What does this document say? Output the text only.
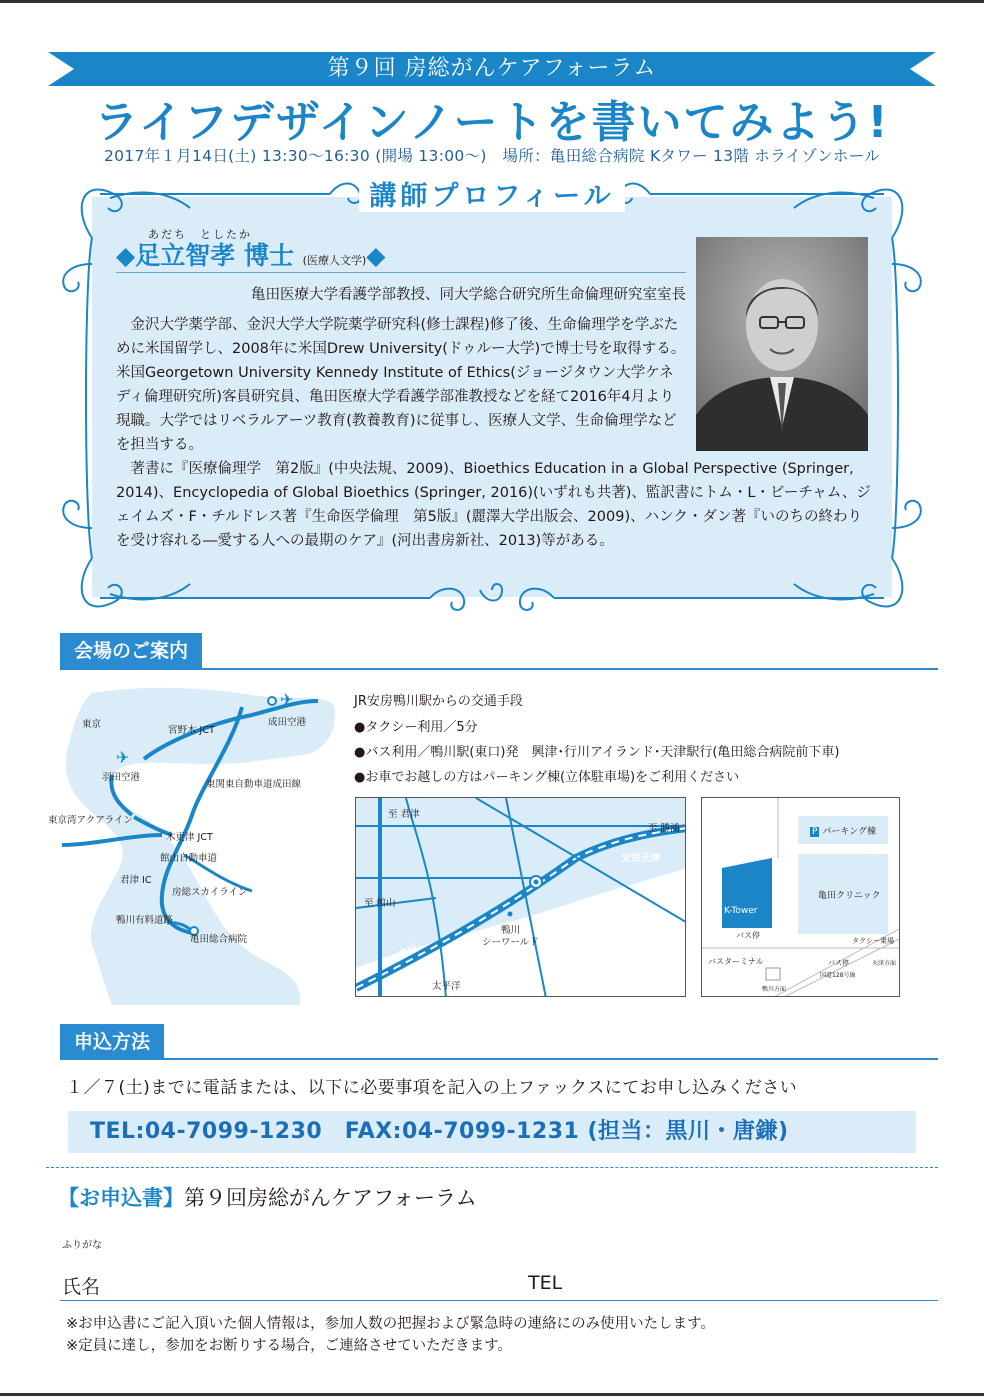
第９回 房総がんケアフォーラム
ライフデザインノートを書いてみよう!
2017年１月14日(土) 13:30〜16:30 (開場 13:00〜)　場所：亀田総合病院 Kタワー 13階 ホライゾンホール
講師プロフィール
あだち　としたか
◆足立智孝 博士 (医療人文学)◆
亀田医療大学看護学部教授、同大学総合研究所生命倫理研究室室長

金沢大学薬学部、金沢大学大学院薬学研究科(修士課程)修了後、生命倫理学を学ぶために米国留学し、2008年に米国Drew University(ドゥルー大学)で博士号を取得する。米国Georgetown University Kennedy Institute of Ethics(ジョージタウン大学ケネディ倫理研究所)客員研究員、亀田医療大学看護学部准教授などを経て2016年4月より現職。大学ではリベラルアーツ教育(教養教育)に従事し、医療人文学、生命倫理学などを担当する。

著書に『医療倫理学　第2版』(中央法規、2009)、Bioethics Education in a Global Perspective (Springer, 2014)、Encyclopedia of Global Bioethics (Springer, 2016)(いずれも共著)、監訳書にトム・L・ビーチャム、ジェイムズ・F・チルドレス著『生命医学倫理　第5版』(麗澤大学出版会、2009)、ハンク・ダン著『いのちの終わりを受け容れる―愛する人への最期のケア』(河出書房新社、2013)等がある。

会場のご案内
✈
✈
東京
宮野木 JCT
成田空港
羽田空港
東関東自動車道成田線
東京湾アクアライン
木更津 JCT
館山自動車道
君津 IC
房総スカイライン
鴨川有料道路
亀田総合病院
JR安房鴨川駅からの交通手段
●タクシー利用／5分
●バス利用／鴨川駅(東口)発　興津･行川アイランド･天津駅行(亀田総合病院前下車)
●お車でお越しの方はパーキング棟(立体駐車場)をご利用ください
至 君津
至 勝浦
至 館山
安房天津
安房鴨川
鴨川
シーワールド
太平洋
P パーキング棟
亀田クリニック
K-Tower
バス停
バスターミナル
タクシー乗場
バス停	天津方面
国道128号線
鴨川方面
申込方法
１／７(土)までに電話または、以下に必要事項を記入の上ファックスにてお申し込みください
TEL:04-7099-1230　FAX:04-7099-1231 (担当：黒川・唐鎌)
【お申込書】第９回房総がんケアフォーラム
ふりがな
氏名	TEL
※お申込書にご記入頂いた個人情報は，参加人数の把握および緊急時の連絡にのみ使用いたします。
※定員に達し，参加をお断りする場合，ご連絡させていただきます。
